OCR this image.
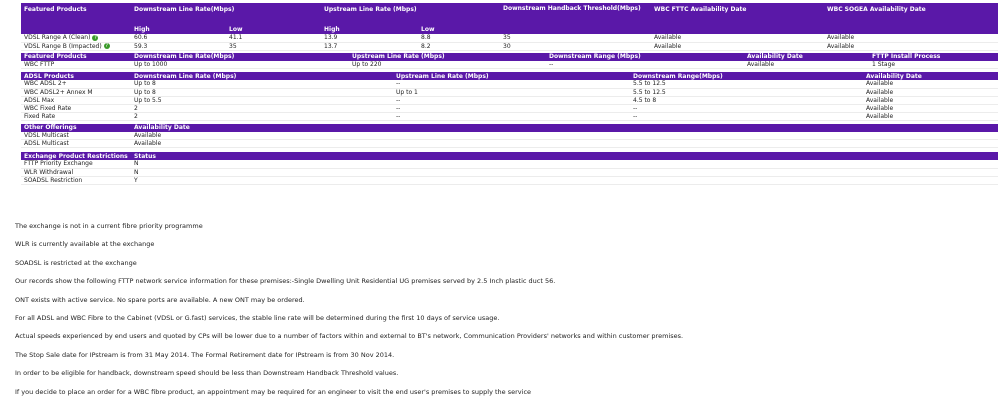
Featured Products	Downstream Line Rate(Mbps)		Upstream Line Rate (Mbps)		Downstream Handback Threshold(Mbps)	WBC FTTC Availability Date	WBC SOGEA Availability Date
	High	Low	High	Low			
VDSL Range A (Clean) ?	60.6	41.1	13.9	8.8	35	Available	Available
VDSL Range B (Impacted) ?	59.3	35	13.7	8.2	30	Available	Available
Featured Products	Downstream Line Rate(Mbps)	Upstream Line Rate (Mbps)	Downstream Range (Mbps)	Availability Date	FTTP Install Process
WBC FTTP	Up to 1000	Up to 220	--	Available	1 Stage
ADSL Products	Downstream Line Rate (Mbps)	Upstream Line Rate (Mbps)	Downstream Range(Mbps)	Availability Date
WBC ADSL 2+	Up to 8	--	5.5 to 12.5	Available
WBC ADSL2+ Annex M	Up to 8	Up to 1	5.5 to 12.5	Available
ADSL Max	Up to 5.5	--	4.5 to 8	Available
WBC Fixed Rate	2	--	--	Available
Fixed Rate	2	--	--	Available
Other Offerings	Availability Date
VDSL Multicast	Available
ADSL Multicast	Available
Exchange Product Restrictions	Status
FTTP Priority Exchange	N
WLR Withdrawal	N
SOADSL Restriction	Y

The exchange is not in a current fibre priority programme

WLR is currently available at the exchange

SOADSL is restricted at the exchange

Our records show the following FTTP network service information for these premises:-Single Dwelling Unit Residential UG premises served by 2.5 Inch plastic duct 56.

ONT exists with active service. No spare ports are available. A new ONT may be ordered.

For all ADSL and WBC Fibre to the Cabinet (VDSL or G.fast) services, the stable line rate will be determined during the first 10 days of service usage.

Actual speeds experienced by end users and quoted by CPs will be lower due to a number of factors within and external to BT's network, Communication Providers' networks and within customer premises.

The Stop Sale date for IPstream is from 31 May 2014. The Formal Retirement date for IPstream is from 30 Nov 2014.

In order to be eligible for handback, downstream speed should be less than Downstream Handback Threshold values.

If you decide to place an order for a WBC fibre product, an appointment may be required for an engineer to visit the end user's premises to supply the service
